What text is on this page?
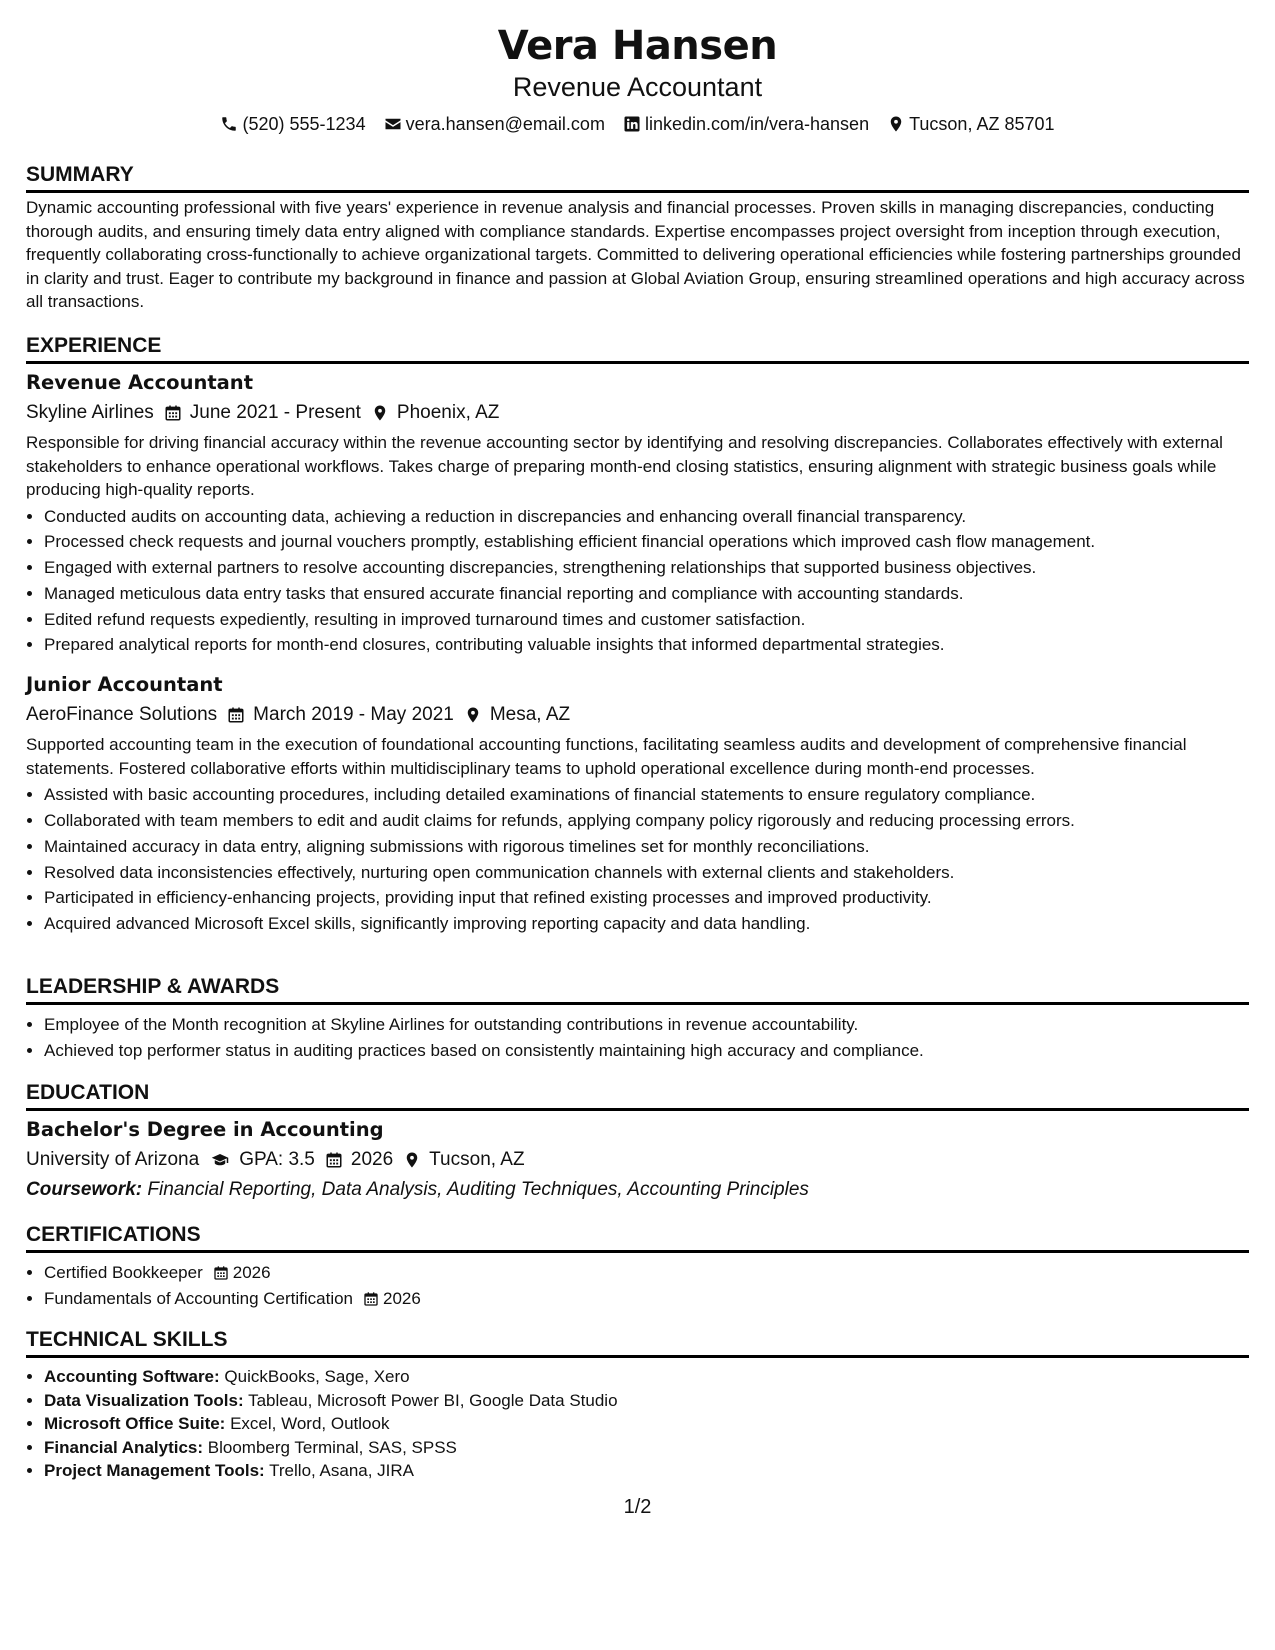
Vera Hansen
Revenue Accountant
(520) 555-1234 vera.hansen@email.com linkedin.com/in/vera-hansen Tucson, AZ 85701
SUMMARY

Dynamic accounting professional with five years' experience in revenue analysis and financial processes. Proven skills in managing discrepancies, conducting thorough audits, and ensuring timely data entry aligned with compliance standards. Expertise encompasses project oversight from inception through execution, frequently collaborating cross-functionally to achieve organizational targets. Committed to delivering operational efficiencies while fostering partnerships grounded in clarity and trust. Eager to contribute my background in finance and passion at Global Aviation Group, ensuring streamlined operations and high accuracy across all transactions.

EXPERIENCE
Revenue Accountant
Skyline Airlines June 2021 - Present Phoenix, AZ

Responsible for driving financial accuracy within the revenue accounting sector by identifying and resolving discrepancies. Collaborates effectively with external stakeholders to enhance operational workflows. Takes charge of preparing month-end closing statistics, ensuring alignment with strategic business goals while producing high-quality reports.

• Conducted audits on accounting data, achieving a reduction in discrepancies and enhancing overall financial transparency.
• Processed check requests and journal vouchers promptly, establishing efficient financial operations which improved cash flow management.
• Engaged with external partners to resolve accounting discrepancies, strengthening relationships that supported business objectives.
• Managed meticulous data entry tasks that ensured accurate financial reporting and compliance with accounting standards.
• Edited refund requests expediently, resulting in improved turnaround times and customer satisfaction.
• Prepared analytical reports for month-end closures, contributing valuable insights that informed departmental strategies.
Junior Accountant
AeroFinance Solutions March 2019 - May 2021 Mesa, AZ

Supported accounting team in the execution of foundational accounting functions, facilitating seamless audits and development of comprehensive financial statements. Fostered collaborative efforts within multidisciplinary teams to uphold operational excellence during month-end processes.

• Assisted with basic accounting procedures, including detailed examinations of financial statements to ensure regulatory compliance.
• Collaborated with team members to edit and audit claims for refunds, applying company policy rigorously and reducing processing errors.
• Maintained accuracy in data entry, aligning submissions with rigorous timelines set for monthly reconciliations.
• Resolved data inconsistencies effectively, nurturing open communication channels with external clients and stakeholders.
• Participated in efficiency-enhancing projects, providing input that refined existing processes and improved productivity.
• Acquired advanced Microsoft Excel skills, significantly improving reporting capacity and data handling.
LEADERSHIP & AWARDS
• Employee of the Month recognition at Skyline Airlines for outstanding contributions in revenue accountability.
• Achieved top performer status in auditing practices based on consistently maintaining high accuracy and compliance.
EDUCATION
Bachelor's Degree in Accounting
University of Arizona GPA: 3.5 2026 Tucson, AZ
Coursework: Financial Reporting, Data Analysis, Auditing Techniques, Accounting Principles
CERTIFICATIONS
• Certified Bookkeeper 2026
• Fundamentals of Accounting Certification 2026
TECHNICAL SKILLS
• Accounting Software: QuickBooks, Sage, Xero
• Data Visualization Tools: Tableau, Microsoft Power BI, Google Data Studio
• Microsoft Office Suite: Excel, Word, Outlook
• Financial Analytics: Bloomberg Terminal, SAS, SPSS
• Project Management Tools: Trello, Asana, JIRA
1/2
